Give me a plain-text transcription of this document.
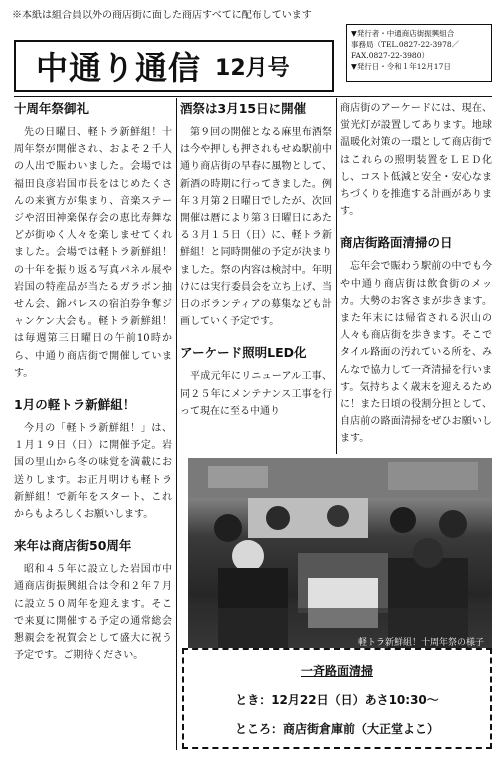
※本紙は組合員以外の商店街に面した商店すべてに配布しています
中通り通信 12月号
▼発行者・中通商店街振興組合
事務局（TEL.0827-22-3978／
FAX.0827-22-3980）
▼発行日・令和１年12月17日
十周年祭御礼

先の日曜日、軽トラ新鮮組！十周年祭が開催され、およそ２千人の人出で賑わいました。会場では福田良彦岩国市長をはじめたくさんの来賓方が集まり、音楽ステージや沼田神楽保存会の恵比寿舞などが街ゆく人々を楽しませてくれました。会場では軽トラ新鮮組！の十年を振り返る写真パネル展や岩国の特産品が当たるガラポン抽せん会、錦パレスの宿泊券争奪ジャンケン大会も。軽トラ新鮮組！は毎週第三日曜日の午前10時から、中通り商店街で開催しています。

1月の軽トラ新鮮組！

今月の「軽トラ新鮮組！」は、１月１９日（日）に開催予定。岩国の里山から冬の味覚を満載にお送りします。お正月明けも軽トラ新鮮組！で新年をスタート、これからもよろしくお願いします。

来年は商店街50周年

昭和４５年に設立した岩国市中通商店街振興組合は令和２年７月に設立５０周年を迎えます。そこで来夏に開催する予定の通常総会懇親会を祝賀会として盛大に祝う予定です。ご期待ください。

酒祭は3月15日に開催

第９回の開催となる麻里布酒祭は今や押しも押されもせぬ駅前中通り商店街の早春に風物として、新酒の時期に行ってきました。例年３月第２日曜日でしたが、次回開催は暦により第３日曜日にあたる３月１５日（日）に、軽トラ新鮮組！と同時開催の予定が決まりました。祭の内容は検討中。年明けには実行委員会を立ち上げ、当日のボランティアの募集なども計画していく予定です。

アーケード照明LED化

平成元年にリニューアル工事、同２５年にメンテナンス工事を行って現在に至る中通り

商店街のアーケードには、現在、蛍光灯が設置してあります。地球温暖化対策の一環として商店街ではこれらの照明装置をＬＥＤ化し、コスト低減と安全・安心なまちづくりを推進する計画があります。

商店街路面清掃の日

忘年会で賑わう駅前の中でも今や中通り商店街は飲食街のメッカ。大勢のお客さまが歩きます。また年末には帰省される沢山の人々も商店街を歩きます。そこでタイル路面の汚れている所を、みんなで協力して一斉清掃を行います。気持ちよく歳末を迎えるために！また日頃の役割分担として、自店前の路面清掃をぜひお願いします。

軽トラ新鮮組！十周年祭の様子
一斉路面清掃
とき：12月22日（日）あさ10:30〜
ところ：商店街倉庫前（大正堂よこ）
